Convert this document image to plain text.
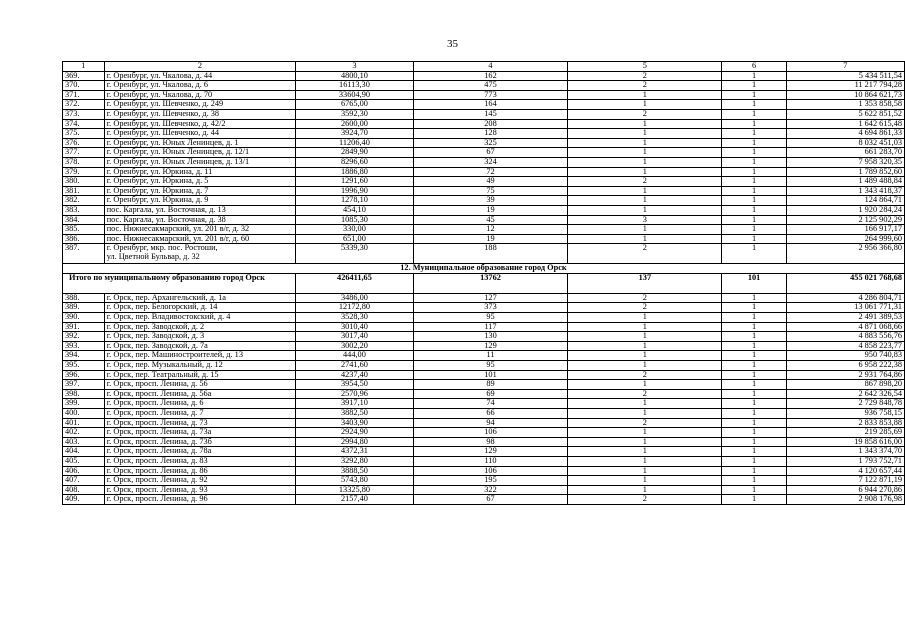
35
1	2	3	4	5	6	7
369.	г. Оренбург, ул. Чкалова, д. 44	4800,10	162	2	1	5 434 511,54
370.	г. Оренбург, ул. Чкалова, д. 6	16113,30	475	2	1	11 217 794,28
371.	г. Оренбург, ул. Чкалова, д. 70	33604,90	773	1	1	10 864 621,73
372.	г. Оренбург, ул. Шевченко, д. 249	6765,00	164	1	1	1 353 858,58
373.	г. Оренбург, ул. Шевченко, д. 38	3592,30	145	2	1	5 622 851,52
374.	г. Оренбург, ул. Шевченко, д. 42/2	2600,00	208	1	1	1 642 615,48
375.	г. Оренбург, ул. Шевченко, д. 44	3924,70	128	1	1	4 694 861,33
376.	г. Оренбург, ул. Юных Ленинцев, д. 1	11206,40	325	1	1	8 032 451,03
377.	г. Оренбург, ул. Юных Ленинцев, д. 12/1	2849,90	67	1	1	661 283,70
378.	г. Оренбург, ул. Юных Ленинцев, д. 13/1	8296,60	324	1	1	7 958 320,35
379.	г. Оренбург, ул. Юркина, д. 11	1886,80	72	1	1	1 789 852,60
380.	г. Оренбург, ул. Юркина, д. 5	1291,60	49	2	1	1 489 488,84
381.	г. Оренбург, ул. Юркина, д. 7	1996,90	75	1	1	1 343 418,37
382.	г. Оренбург, ул. Юркина, д. 9	1278,10	39	1	1	124 864,71
383.	пос. Каргала, ул. Восточная, д. 13	454,10	19	1	1	1 920 284,24
384.	пос. Каргала, ул. Восточная, д. 38	1085,30	45	3	1	2 125 902,29
385.	пос. Нижнесакмарский, ул. 201 в/г, д. 32	330,00	12	1	1	166 917,17
386.	пос. Нижнесакмарский, ул. 201 в/г, д. 60	651,00	19	1	1	264 999,60
387.	г. Оренбург, мкр. пос. Ростоши,
ул. Цветной Бульвар, д. 32	5339,30	188	2	1	2 956 366,80
12. Муниципальное образование город Орск						
Итого по муниципальному образованию город Орск		426411,65	13762	137	101	455 021 768,68
388.	г. Орск, пер. Архангельский, д. 1а	3486,00	127	2	1	4 286 804,71
389.	г. Орск, пер. Белогорский, д. 14	12172,80	373	2	1	13 061 771,31
390.	г. Орск, пер. Владивостокский, д. 4	3528,30	95	1	1	2 491 389,53
391.	г. Орск, пер. Заводской, д. 2	3010,40	117	1	1	4 871 068,66
392.	г. Орск, пер. Заводской, д. 3	3017,40	130	1	1	4 883 556,76
393.	г. Орск, пер. Заводской, д. 7а	3002,20	129	1	1	4 858 223,77
394.	г. Орск, пер. Машиностроителей, д. 13	444,00	11	1	1	950 740,83
395.	г. Орск, пер. Музыкальный, д. 12	2741,60	95	1	1	6 958 222,38
396.	г. Орск, пер. Театральный, д. 15	4237,40	101	2	1	2 931 764,86
397.	г. Орск, просп. Ленина, д. 56	3954,50	89	1	1	867 898,20
398.	г. Орск, просп. Ленина, д. 56а	2570,96	69	2	1	2 642 326,54
399.	г. Орск, просп. Ленина, д. 6	3917,10	74	1	1	2 729 848,78
400.	г. Орск, просп. Ленина, д. 7	3882,50	66	1	1	936 758,15
401.	г. Орск, просп. Ленина, д. 73	3403,90	94	2	1	2 833 853,88
402.	г. Орск, просп. Ленина, д. 73а	2924,90	106	1	1	219 285,69
403.	г. Орск, просп. Ленина, д. 73б	2994,80	98	1	1	19 858 616,00
404.	г. Орск, просп. Ленина, д. 78а	4372,31	129	1	1	1 343 374,70
405.	г. Орск, просп. Ленина, д. 83	3292,80	110	1	1	1 793 752,71
406.	г. Орск, просп. Ленина, д. 86	3888,50	106	1	1	4 120 657,44
407.	г. Орск, просп. Ленина, д. 92	5743,80	195	1	1	7 122 871,19
408.	г. Орск, просп. Ленина, д. 93	13325,80	322	1	1	6 944 270,86
409.	г. Орск, просп. Ленина, д. 96	2157,40	67	2	1	2 908 176,98
